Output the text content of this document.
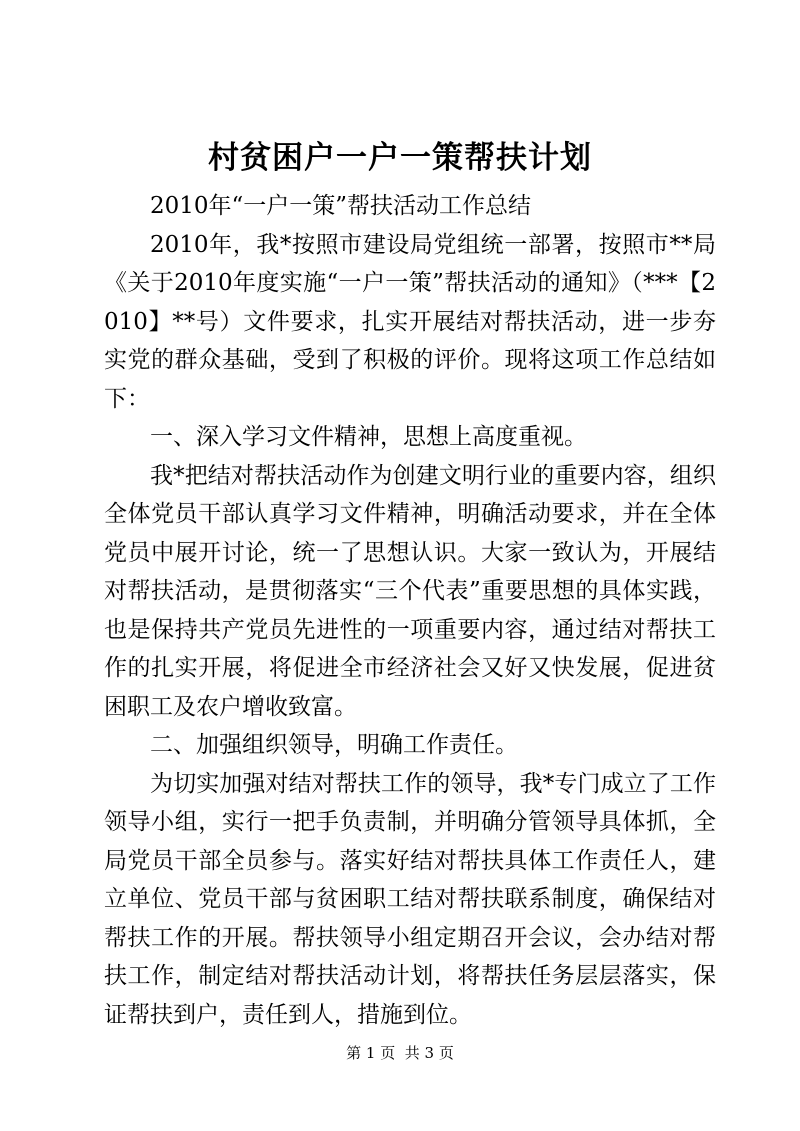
村贫困户一户一策帮扶计划

2010年“一户一策”帮扶活动工作总结

2010年，我*按照市建设局党组统一部署，按照市**局《关于2010年度实施“一户一策”帮扶活动的通知》（***【2010】**号）文件要求，扎实开展结对帮扶活动，进一步夯实党的群众基础，受到了积极的评价。现将这项工作总结如下：

一、深入学习文件精神，思想上高度重视。

我*把结对帮扶活动作为创建文明行业的重要内容，组织全体党员干部认真学习文件精神，明确活动要求，并在全体党员中展开讨论，统一了思想认识。大家一致认为，开展结对帮扶活动，是贯彻落实“三个代表”重要思想的具体实践，也是保持共产党员先进性的一项重要内容，通过结对帮扶工作的扎实开展，将促进全市经济社会又好又快发展，促进贫困职工及农户增收致富。

二、加强组织领导，明确工作责任。

为切实加强对结对帮扶工作的领导，我*专门成立了工作领导小组，实行一把手负责制，并明确分管领导具体抓，全局党员干部全员参与。落实好结对帮扶具体工作责任人，建立单位、党员干部与贫困职工结对帮扶联系制度，确保结对帮扶工作的开展。帮扶领导小组定期召开会议，会办结对帮扶工作，制定结对帮扶活动计划，将帮扶任务层层落实，保证帮扶到户，责任到人，措施到位。

第 1 页  共 3 页
